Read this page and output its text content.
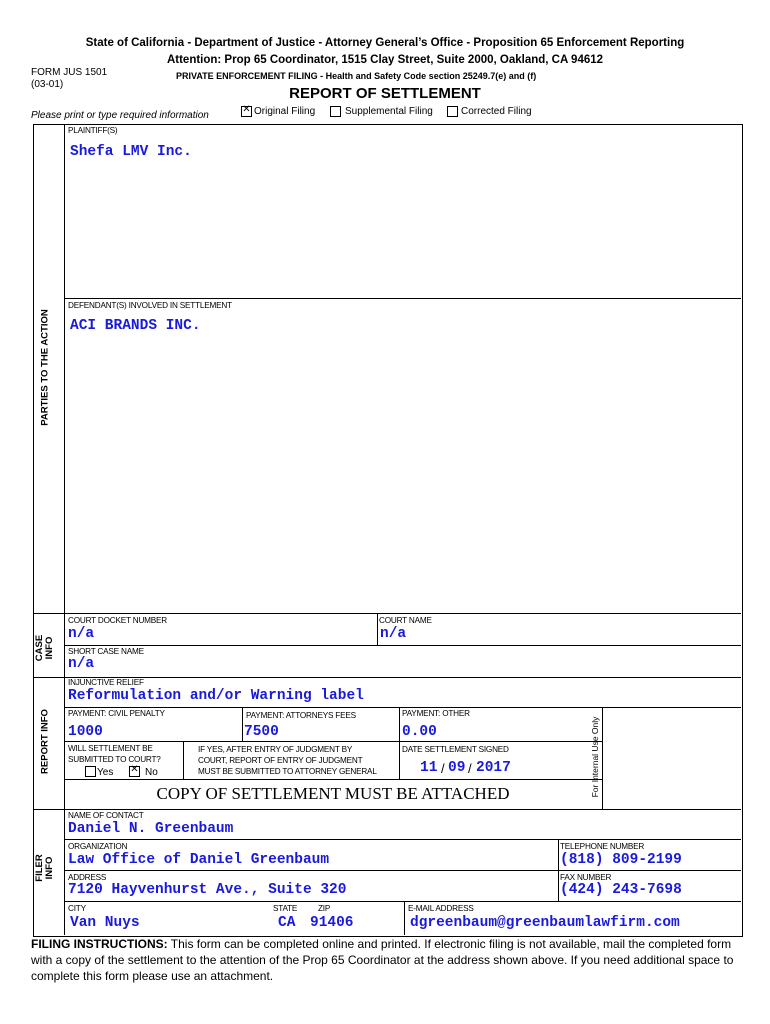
State of California - Department of Justice - Attorney General’s Office - Proposition 65 Enforcement Reporting
Attention: Prop 65 Coordinator, 1515 Clay Street, Suite 2000, Oakland, CA 94612
PRIVATE ENFORCEMENT FILING - Health and Safety Code section 25249.7(e) and (f)
FORM JUS 1501
(03-01)
REPORT OF SETTLEMENT
Please print or type required information ✕	Original Filing	Supplemental Filing	Corrected Filing
PARTIES TO THE ACTION
CASE INFO
REPORT INFO
FILER INFO
PLAINTIFF(S)
Shefa LMV Inc.
DEFENDANT(S) INVOLVED IN SETTLEMENT
ACI BRANDS INC.
COURT DOCKET NUMBER
n/a
COURT NAME
n/a
SHORT CASE NAME
n/a
INJUNCTIVE RELIEF
Reformulation and/or Warning label
For Internal Use Only
PAYMENT: CIVIL PENALTY
1000
PAYMENT: ATTORNEYS FEES
7500
PAYMENT: OTHER
0.00
WILL SETTLEMENT BE
SUBMITTED TO COURT?
Yes ✕	No
IF YES, AFTER ENTRY OF JUDGMENT BY
COURT, REPORT OF ENTRY OF JUDGMENT
MUST BE SUBMITTED TO ATTORNEY GENERAL
DATE SETTLEMENT SIGNED
11 / 09 / 2017
COPY OF SETTLEMENT MUST BE ATTACHED
NAME OF CONTACT
Daniel N. Greenbaum
ORGANIZATION
Law Office of Daniel Greenbaum
TELEPHONE NUMBER
(818) 809-2199
ADDRESS
7120 Hayvenhurst Ave., Suite 320
FAX NUMBER
(424) 243-7698
CITY
Van Nuys
STATE
CA
ZIP
91406
E-MAIL ADDRESS
dgreenbaum@greenbaumlawfirm.com
FILING INSTRUCTIONS: This form can be completed online and printed. If electronic filing is not available, mail the completed form with a copy of the settlement to the attention of the Prop 65 Coordinator at the address shown above. If you need additional space to complete this form please use an attachment.
